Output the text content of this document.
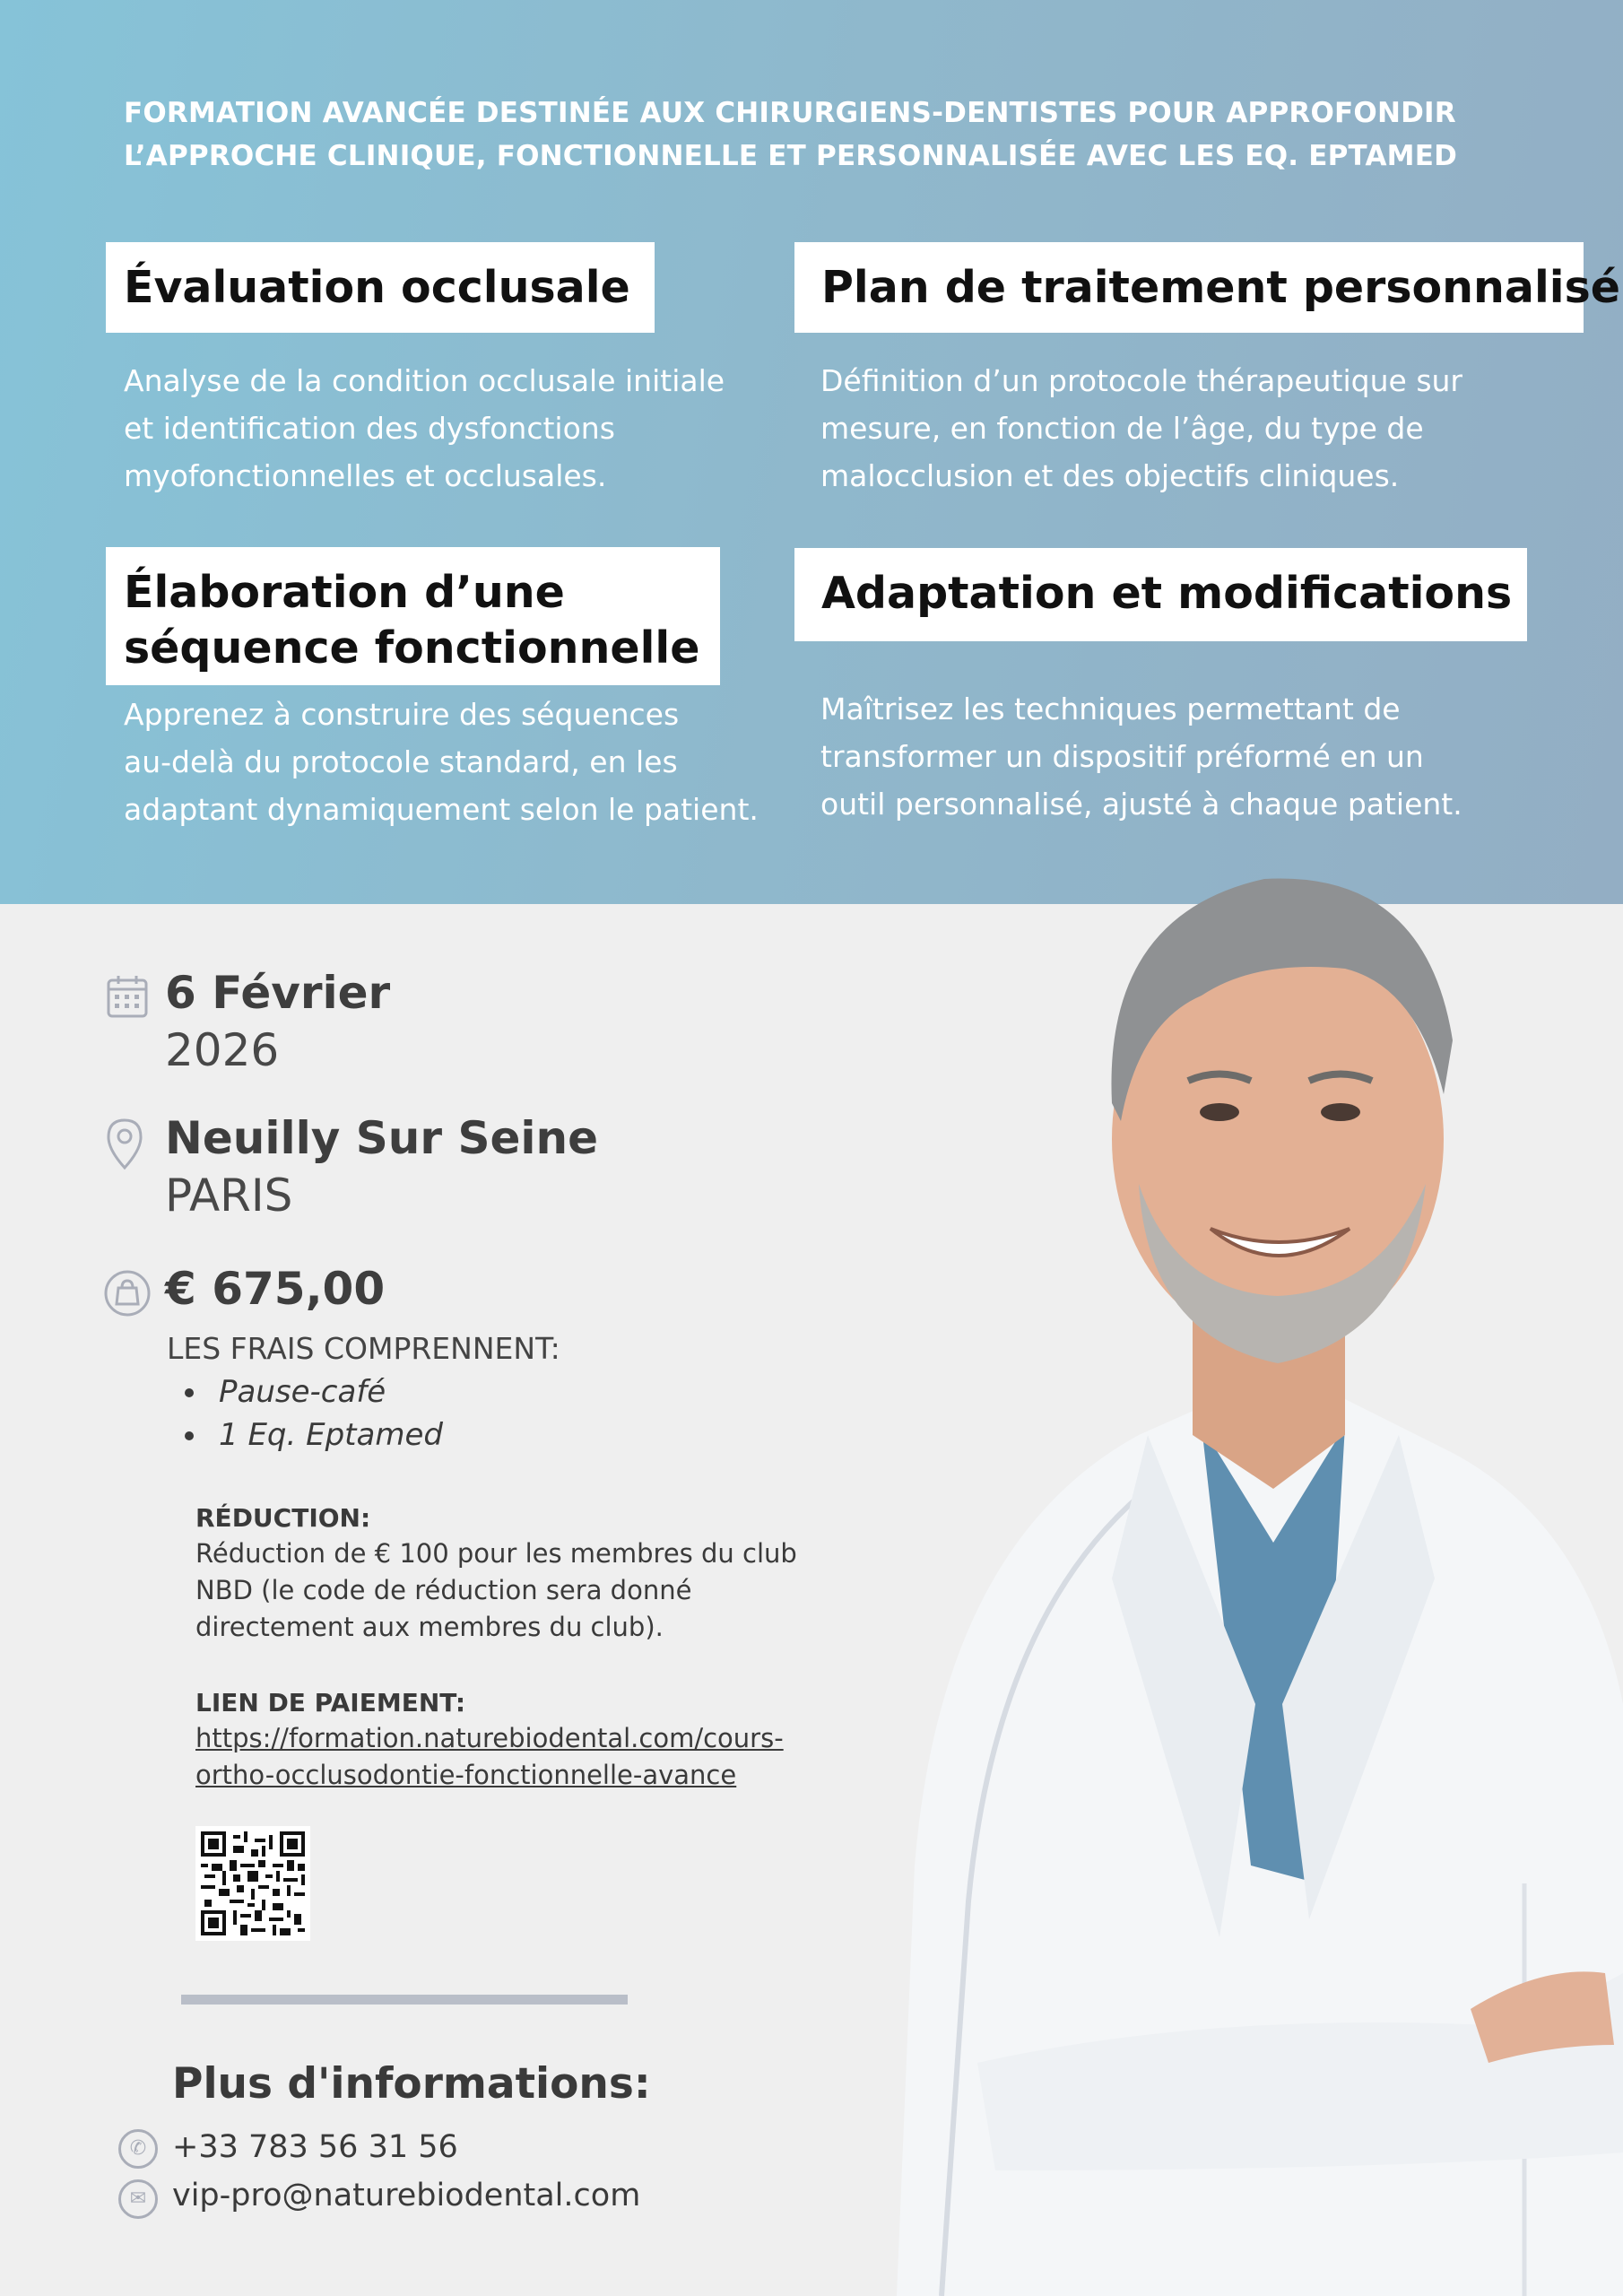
FORMATION AVANCÉE DESTINÉE AUX CHIRURGIENS-DENTISTES POUR APPROFONDIR
L’APPROCHE CLINIQUE, FONCTIONNELLE ET PERSONNALISÉE AVEC LES EQ. EPTAMED
Évaluation occlusale
Analyse de la condition occlusale initiale
et identification des dysfonctions
myofonctionnelles et occlusales.
Plan de traitement personnalisé
Définition d’un protocole thérapeutique sur
mesure, en fonction de l’âge, du type de
malocclusion et des objectifs cliniques.
Élaboration d’une
séquence fonctionnelle
Apprenez à construire des séquences
au-delà du protocole standard, en les
adaptant dynamiquement selon le patient.
Adaptation et modifications
Maîtrisez les techniques permettant de
transformer un dispositif préformé en un
outil personnalisé, ajusté à chaque patient.
6 Février
2026
Neuilly Sur Seine
PARIS
€ 675,00
LES FRAIS COMPRENNENT:
Pause-café
1 Eq. Eptamed
RÉDUCTION:
Réduction de € 100 pour les membres du club
NBD (le code de réduction sera donné
directement aux membres du club).
LIEN DE PAIEMENT:
https://formation.naturebiodental.com/cours-
ortho-occlusodontie-fonctionnelle-avance
Plus d'informations:
✆ +33 783 56 31 56
✉ vip-pro@naturebiodental.com
